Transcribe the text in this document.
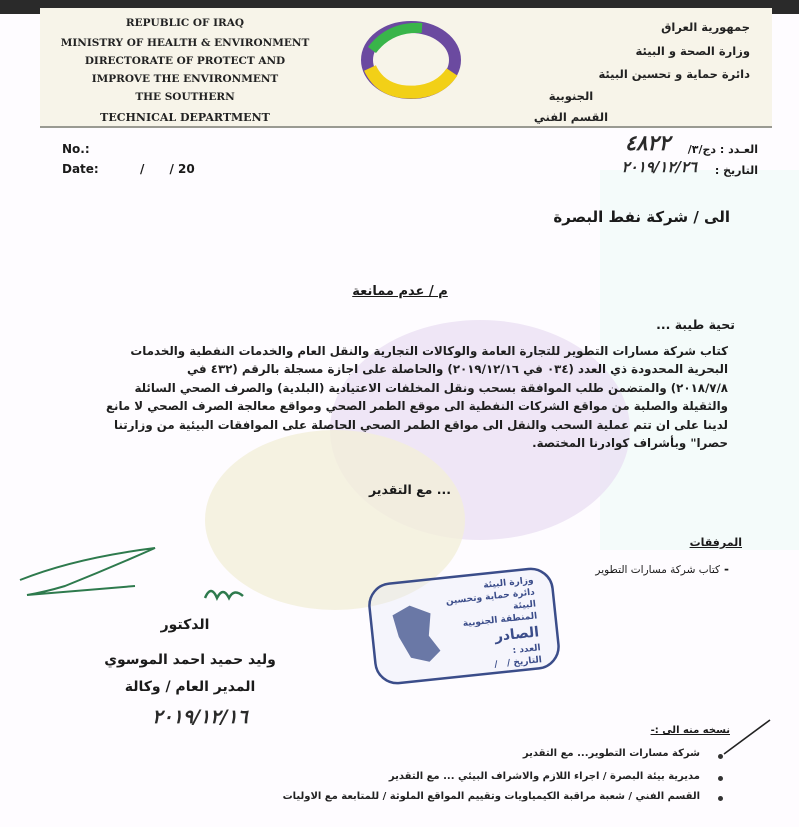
REPUBLIC OF IRAQ
MINISTRY OF HEALTH & ENVIRONMENT
DIRECTORATE OF PROTECT AND
IMPROVE THE ENVIRONMENT
THE SOUTHERN
TECHNICAL DEPARTMENT
جمهورية العراق
وزارة الصحة و البيئة
دائرة حماية و تحسين البيئة
الجنوبية
القسم الفني
No.:
Date:	/      / 20
العـدد : دج/٣/
٤٨٢٢
التاريخ :
٢٠١٩/١٢/٢٦
الى / شركة نفط البصرة
م / عدم ممانعة
تحية طيبة ...
كتاب شركة مسارات التطوير للتجارة العامة والوكالات التجارية والنقل العام والخدمات النفطية والخدمات
البحرية المحدودة ذي العدد (٠٣٤ في ٢٠١٩/١٢/١٦) والحاصلة على اجازة مسجلة بالرقم (٤٣٢ في
٢٠١٨/٧/٨) والمتضمن طلب الموافقة بسحب ونقل المخلفات الاعتيادية (البلدية) والصرف الصحي السائلة
والثقيلة والصلبة من مواقع الشركات النفطية الى موقع الطمر الصحي ومواقع معالجة الصرف الصحي لا مانع
لدينا على ان تتم عملية السحب والنقل الى مواقع الطمر الصحي الحاصلة على الموافقات البيئية من وزارتنا
حصرا" وبأشراف كوادرنا المختصة.
... مع التقدير
المرفقات
كتاب شركة مسارات التطوير -
وزارة البيئة
دائرة حماية وتحسين البيئة
المنطقة الجنوبية
الصادر
العدد :
التاريخ /   /
الدكتور
وليد حميد احمد الموسوي
المدير العام / وكالة
٢٠١٩/١٢/١٦
نسخه منه الى :-
شركة مسارات التطوير... مع التقدير
مديرية بيئة البصرة / اجراء اللازم والاشراف البيئي ... مع التقدير
القسم الفني / شعبة مراقبة الكيمياويات وتقييم المواقع الملوثة / للمتابعة مع الاوليات
